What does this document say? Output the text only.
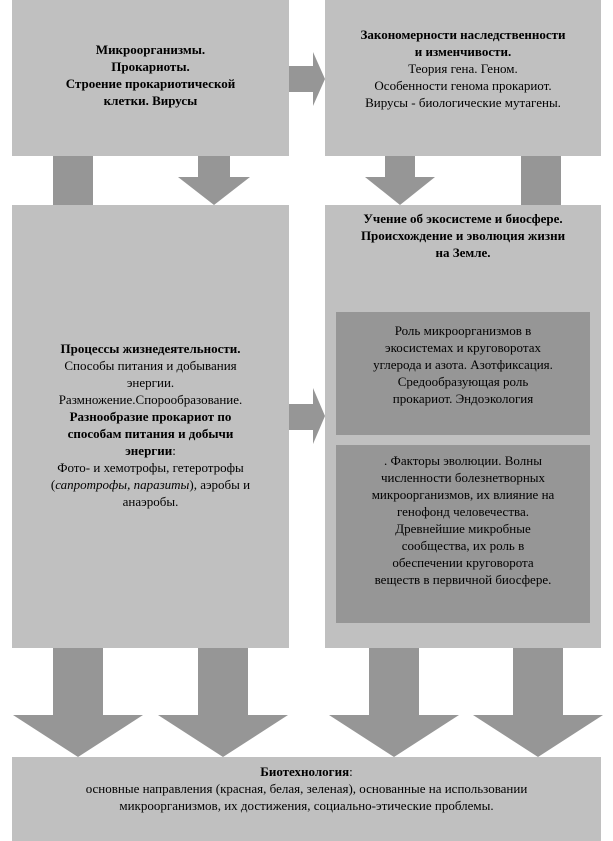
Микроорганизмы.
Прокариоты.
Строение прокариотической
клетки. Вирусы
Закономерности наследственности
и изменчивости.
Теория гена. Геном.
Особенности генома прокариот.
Вирусы - биологические мутагены.
Процессы жизнедеятельности.
Способы питания и добывания
энергии.
Размножение.Спорообразование.
Разнообразие прокариот по
способам питания и добычи
энергии:
Фото- и хемотрофы, гетеротрофы
(сапротрофы, паразиты), аэробы и
анаэробы.
Учение об экосистеме и биосфере.
Происхождение и эволюция жизни
на Земле.
Роль микроорганизмов в
экосистемах и круговоротах
углерода и азота. Азотфиксация.
Средообразующая роль
прокариот. Эндоэкология
. Факторы эволюции. Волны
численности болезнетворных
микроорганизмов, их влияние на
генофонд человечества.
Древнейшие микробные
сообщества, их роль в
обеспечении круговорота
веществ в первичной биосфере.
Биотехнология:
основные направления (красная, белая, зеленая), основанные на использовании
микроорганизмов, их достижения, социально-этические проблемы.
